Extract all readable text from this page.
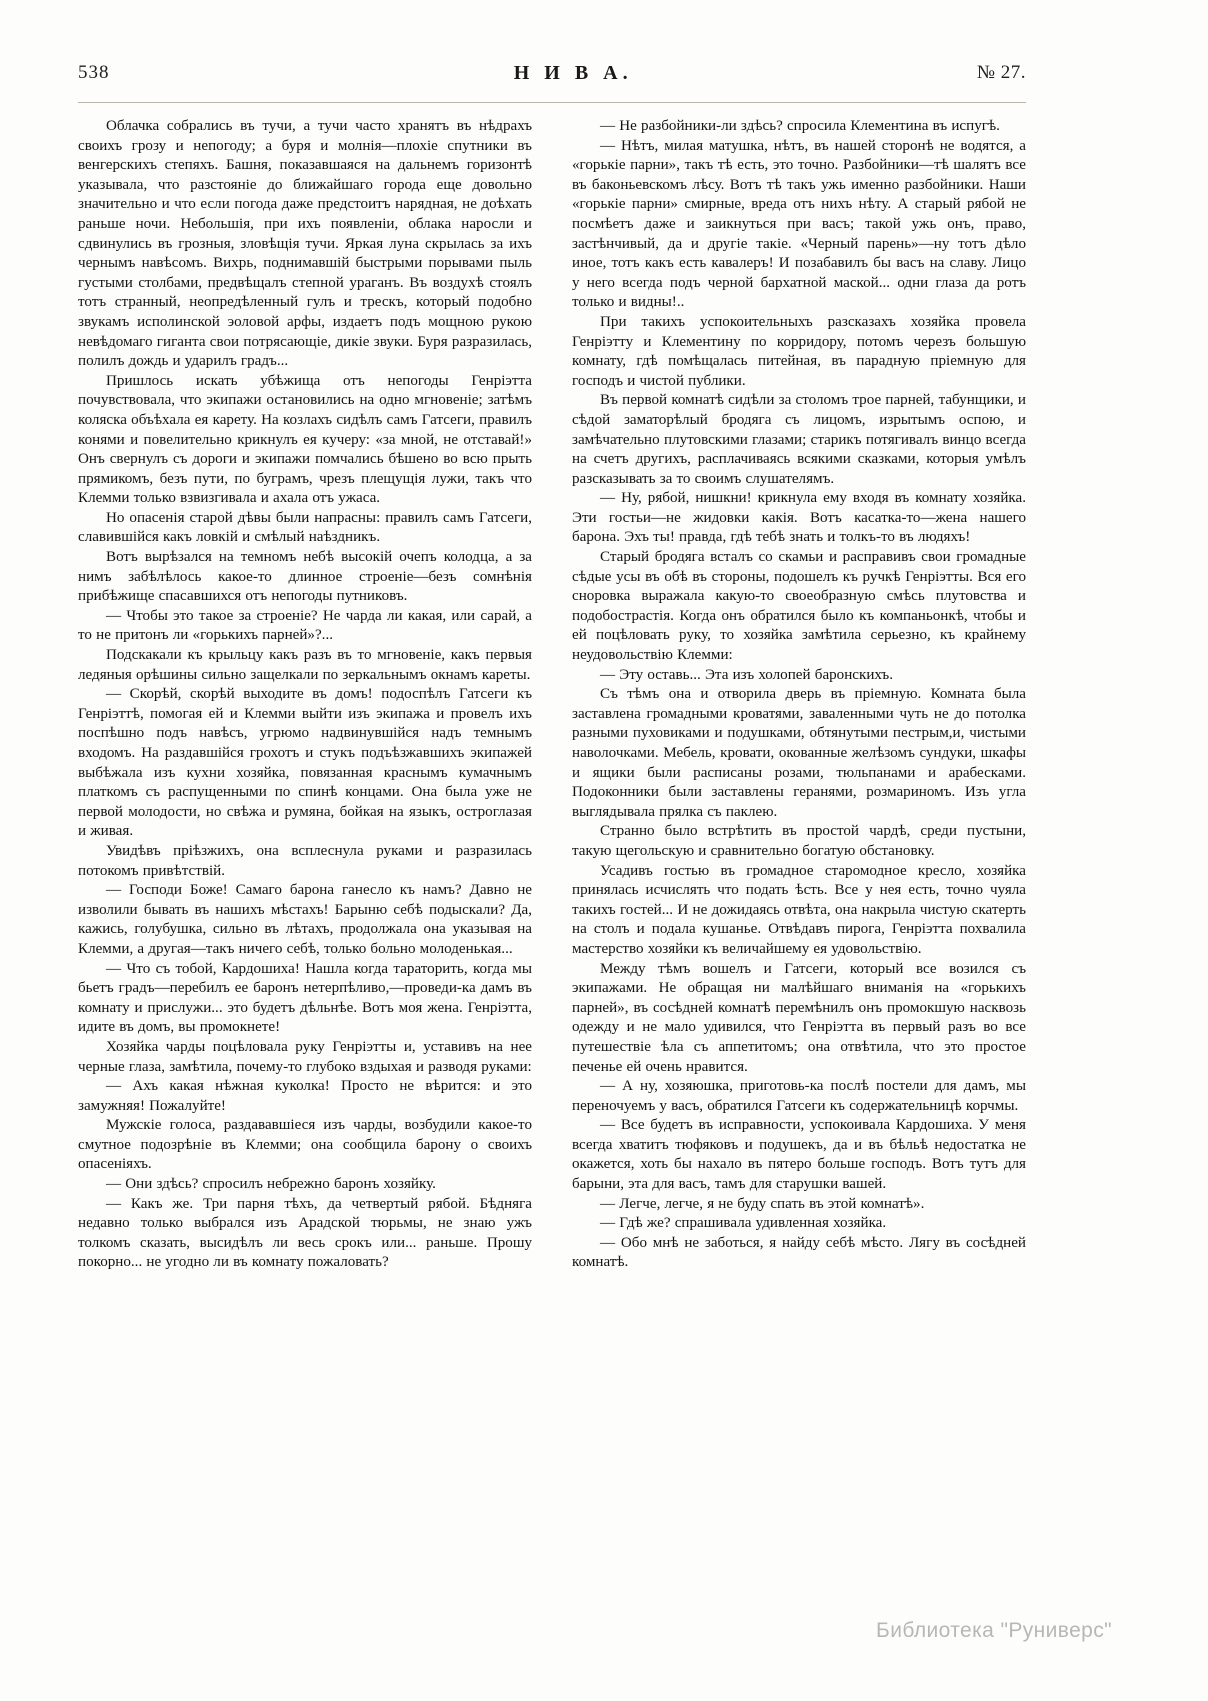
538	Н И В А.	№ 27.

Облачка собрались въ тучи, а тучи часто хранятъ въ нѣдрахъ своихъ грозу и непогоду; а буря и молнія—плохіе спутники въ венгерскихъ степяхъ. Башня, показавшаяся на дальнемъ горизонтѣ указывала, что разстояніе до ближайшаго города еще довольно значительно и что если погода даже предстоитъ нарядная, не доѣхать раньше ночи. Небольшія, при ихъ появленіи, облака наросли и сдвинулись въ грозныя, зловѣщія тучи. Яркая луна скрылась за ихъ чернымъ навѣсомъ. Вихрь, поднимавшій быстрыми порывами пыль густыми столбами, предвѣщалъ степной ураганъ. Въ воздухѣ стоялъ тотъ странный, неопредѣленный гулъ и трескъ, который подобно звукамъ исполинской эоловой арфы, издаетъ подъ мощною рукою невѣдомаго гиганта свои потрясающіе, дикіе звуки. Буря разразилась, полилъ дождь и ударилъ градъ...

Пришлось искать убѣжища отъ непогоды Генріэтта почувствовала, что экипажи остановились на одно мгновеніе; затѣмъ коляска объѣхала ея карету. На козлахъ сидѣлъ самъ Гатсеги, правилъ конями и повелительно крикнулъ ея кучеру: «за мной, не отставай!» Онъ свернулъ съ дороги и экипажи помчались бѣшено во всю прыть прямикомъ, безъ пути, по буграмъ, чрезъ плещущія лужи, такъ что Клемми только взвизгивала и ахала отъ ужаса.

Но опасенія старой дѣвы были напрасны: правилъ самъ Гатсеги, славившійся какъ ловкій и смѣлый наѣздникъ.

Вотъ вырѣзался на темномъ небѣ высокій очепъ колодца, а за нимъ забѣлѣлось какое-то длинное строеніе—безъ сомнѣнія прибѣжище спасавшихся отъ непогоды путниковъ.

— Чтобы это такое за строеніе? Не чарда ли какая, или сарай, а то не притонъ ли «горькихъ парней»?...

Подскакали къ крыльцу какъ разъ въ то мгновеніе, какъ первыя ледяныя орѣшины сильно защелкали по зеркальнымъ окнамъ кареты.

— Скорѣй, скорѣй выходите въ домъ! подоспѣлъ Гатсеги къ Генріэттѣ, помогая ей и Клемми выйти изъ экипажа и провелъ ихъ поспѣшно подъ навѣсъ, угрюмо надвинувшійся надъ темнымъ входомъ. На раздавшійся грохотъ и стукъ подъѣзжавшихъ экипажей выбѣжала изъ кухни хозяйка, повязанная краснымъ кумачнымъ платкомъ съ распущенными по спинѣ концами. Она была уже не первой молодости, но свѣжа и румяна, бойкая на языкъ, остроглазая и живая.

Увидѣвъ пріѣзжихъ, она всплеснула руками и разразилась потокомъ привѣтствій.

— Господи Боже! Самаго барона ганесло къ намъ? Давно не изволили бывать въ нашихъ мѣстахъ! Барыню себѣ подыскали? Да, кажись, голубушка, сильно въ лѣтахъ, продолжала она указывая на Клемми, а другая—такъ ничего себѣ, только больно молоденькая...

— Что съ тобой, Кардошиха! Нашла когда тараторить, когда мы бьетъ градъ—перебилъ ее баронъ нетерпѣливо,—проведи-ка дамъ въ комнату и прислужи... это будетъ дѣльнѣе. Вотъ моя жена. Генріэтта, идите въ домъ, вы промокнете!

Хозяйка чарды поцѣловала руку Генріэтты и, уставивъ на нее черные глаза, замѣтила, почему-то глубоко вздыхая и разводя руками:

— Ахъ какая нѣжная куколка! Просто не вѣрится: и это замужняя! Пожалуйте!

Мужскіе голоса, раздававшіеся изъ чарды, возбудили какое-то смутное подозрѣніе въ Клемми; она сообщила барону о своихъ опасеніяхъ.

— Они здѣсь? спросилъ небрежно баронъ хозяйку.

— Какъ же. Три парня тѣхъ, да четвертый рябой. Бѣдняга недавно только выбрался изъ Арадской тюрьмы, не знаю ужъ толкомъ сказать, высидѣлъ ли весь срокъ или... раньше. Прошу покорно... не угодно ли въ комнату пожаловать?

— Не разбойники-ли здѣсь? спросила Клементина въ испугѣ.

— Нѣтъ, милая матушка, нѣтъ, въ нашей сторонѣ не водятся, а «горькіе парни», такъ тѣ есть, это точно. Разбойники—тѣ шалятъ все въ баконьевскомъ лѣсу. Вотъ тѣ такъ ужь именно разбойники. Наши «горькіе парни» смирные, вреда отъ нихъ нѣту. А старый рябой не посмѣетъ даже и заикнуться при васъ; такой ужь онъ, право, застѣнчивый, да и другіе такіе. «Черный парень»—ну тотъ дѣло иное, тотъ какъ есть кавалеръ! И позабавилъ бы васъ на славу. Лицо у него всегда подъ черной бархатной маской... одни глаза да ротъ только и видны!..

При такихъ успокоительныхъ разсказахъ хозяйка провела Генріэтту и Клементину по корридору, потомъ черезъ большую комнату, гдѣ помѣщалась питейная, въ парадную пріемную для господъ и чистой публики.

Въ первой комнатѣ сидѣли за столомъ трое парней, табунщики, и сѣдой заматорѣлый бродяга съ лицомъ, изрытымъ оспою, и замѣчательно плутовскими глазами; старикъ потягивалъ винцо всегда на счетъ другихъ, расплачиваясь всякими сказками, которыя умѣлъ разсказывать за то своимъ слушателямъ.

— Ну, рябой, нишкни! крикнула ему входя въ комнату хозяйка. Эти гостьи—не жидовки какія. Вотъ касатка-то—жена нашего барона. Эхъ ты! правда, гдѣ тебѣ знать и толкъ-то въ людяхъ!

Старый бродяга всталъ со скамьи и расправивъ свои громадные сѣдые усы въ обѣ въ стороны, подошелъ къ ручкѣ Генріэтты. Вся его сноровка выражала какую-то своеобразную смѣсь плутовства и подобострастія. Когда онъ обратился было къ компаньонкѣ, чтобы и ей поцѣловать руку, то хозяйка замѣтила серьезно, къ крайнему неудовольствію Клемми:

— Эту оставь... Эта изъ холопей баронскихъ.

Съ тѣмъ она и отворила дверь въ пріемную. Комната была заставлена громадными кроватями, заваленными чуть не до потолка разными пуховиками и подушками, обтянутыми пестрым,и, чистыми наволочками. Мебель, кровати, окованные желѣзомъ сундуки, шкафы и ящики были расписаны розами, тюльпанами и арабесками. Подоконники были заставлены геранями, розмариномъ. Изъ угла выглядывала прялка съ паклею.

Странно было встрѣтить въ простой чардѣ, среди пустыни, такую щегольскую и сравнительно богатую обстановку.

Усадивъ гостью въ громадное старомодное кресло, хозяйка принялась исчислять что подать ѣсть. Все у нея есть, точно чуяла такихъ гостей... И не дожидаясь отвѣта, она накрыла чистую скатерть на столъ и подала кушанье. Отвѣдавъ пирога, Генріэтта похвалила мастерство хозяйки къ величайшему ея удовольствію.

Между тѣмъ вошелъ и Гатсеги, который все возился съ экипажами. Не обращая ни малѣйшаго вниманія на «горькихъ парней», въ сосѣдней комнатѣ перемѣнилъ онъ промокшую насквозь одежду и не мало удивился, что Генріэтта въ первый разъ во все путешествіе ѣла съ аппетитомъ; она отвѣтила, что это простое печенье ей очень нравится.

— А ну, хозяюшка, приготовь-ка послѣ постели для дамъ, мы переночуемъ у васъ, обратился Гатсеги къ содержательницѣ корчмы.

— Все будетъ въ исправности, успокоивала Кардошиха. У меня всегда хватитъ тюфяковъ и подушекъ, да и въ бѣльѣ недостатка не окажется, хоть бы нахало въ пятеро больше господъ. Вотъ тутъ для барыни, эта для васъ, тамъ для старушки вашей.

— Легче, легче, я не буду спать въ этой комнатѣ».

— Гдѣ же? спрашивала удивленная хозяйка.

— Обо мнѣ не заботься, я найду себѣ мѣсто. Лягу въ сосѣдней комнатѣ.

Библиотека "Руниверс"
